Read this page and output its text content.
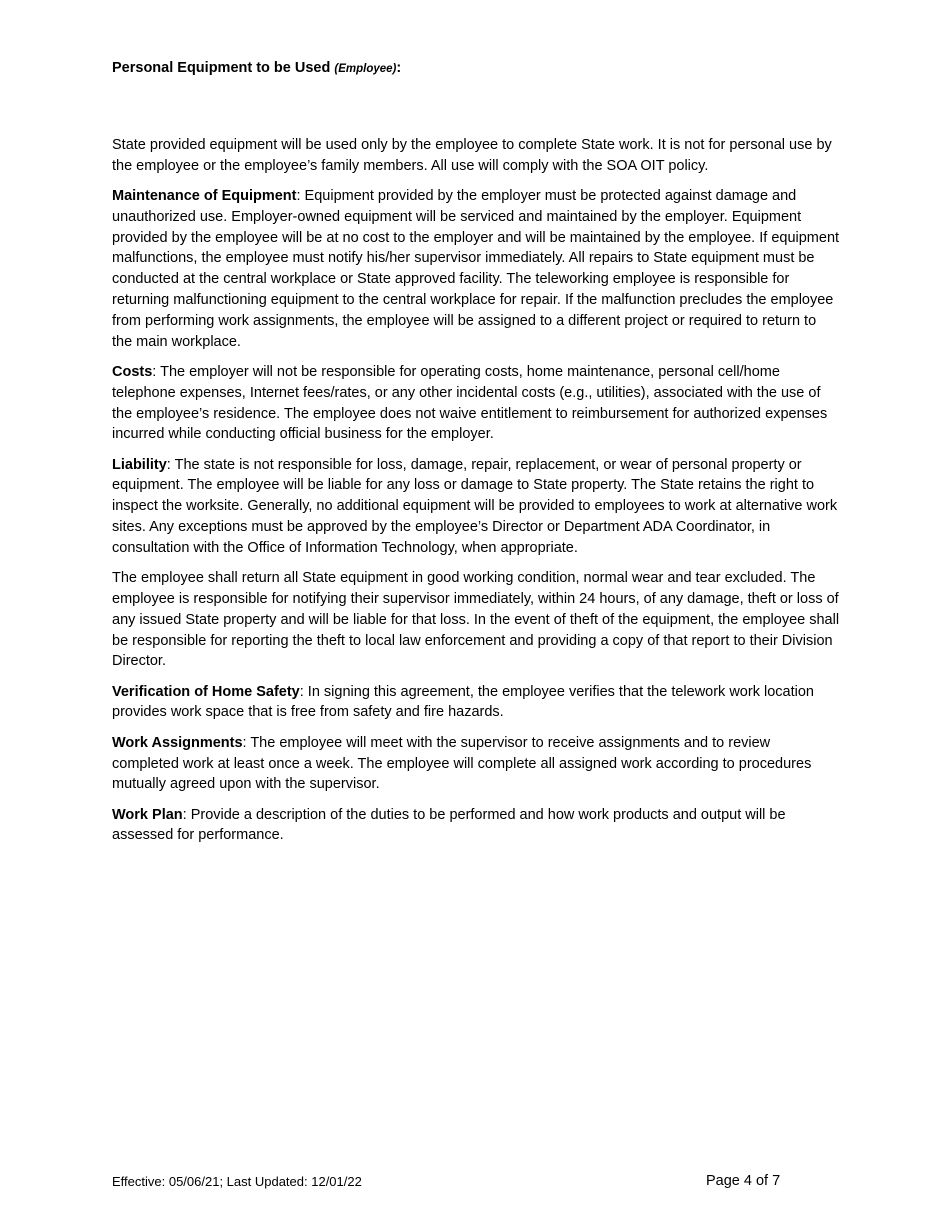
Personal Equipment to be Used (Employee):

State provided equipment will be used only by the employee to complete State work. It is not for personal use by the employee or the employee’s family members. All use will comply with the SOA OIT policy.

Maintenance of Equipment: Equipment provided by the employer must be protected against damage and unauthorized use. Employer-owned equipment will be serviced and maintained by the employer. Equipment provided by the employee will be at no cost to the employer and will be maintained by the employee. If equipment malfunctions, the employee must notify his/her supervisor immediately. All repairs to State equipment must be conducted at the central workplace or State approved facility. The teleworking employee is responsible for returning malfunctioning equipment to the central workplace for repair. If the malfunction precludes the employee from performing work assignments, the employee will be assigned to a different project or required to return to the main workplace.

Costs: The employer will not be responsible for operating costs, home maintenance, personal cell/home telephone expenses, Internet fees/rates, or any other incidental costs (e.g., utilities), associated with the use of the employee’s residence. The employee does not waive entitlement to reimbursement for authorized expenses incurred while conducting official business for the employer.

Liability: The state is not responsible for loss, damage, repair, replacement, or wear of personal property or equipment. The employee will be liable for any loss or damage to State property. The State retains the right to inspect the worksite. Generally, no additional equipment will be provided to employees to work at alternative work sites. Any exceptions must be approved by the employee’s Director or Department ADA Coordinator, in consultation with the Office of Information Technology, when appropriate.

The employee shall return all State equipment in good working condition, normal wear and tear excluded. The employee is responsible for notifying their supervisor immediately, within 24 hours, of any damage, theft or loss of any issued State property and will be liable for that loss. In the event of theft of the equipment, the employee shall be responsible for reporting the theft to local law enforcement and providing a copy of that report to their Division Director.

Verification of Home Safety: In signing this agreement, the employee verifies that the telework work location provides work space that is free from safety and fire hazards.

Work Assignments: The employee will meet with the supervisor to receive assignments and to review completed work at least once a week. The employee will complete all assigned work according to procedures mutually agreed upon with the supervisor.

Work Plan: Provide a description of the duties to be performed and how work products and output will be assessed for performance.

Effective: 05/06/21; Last Updated: 12/01/22	Page 4 of 7
